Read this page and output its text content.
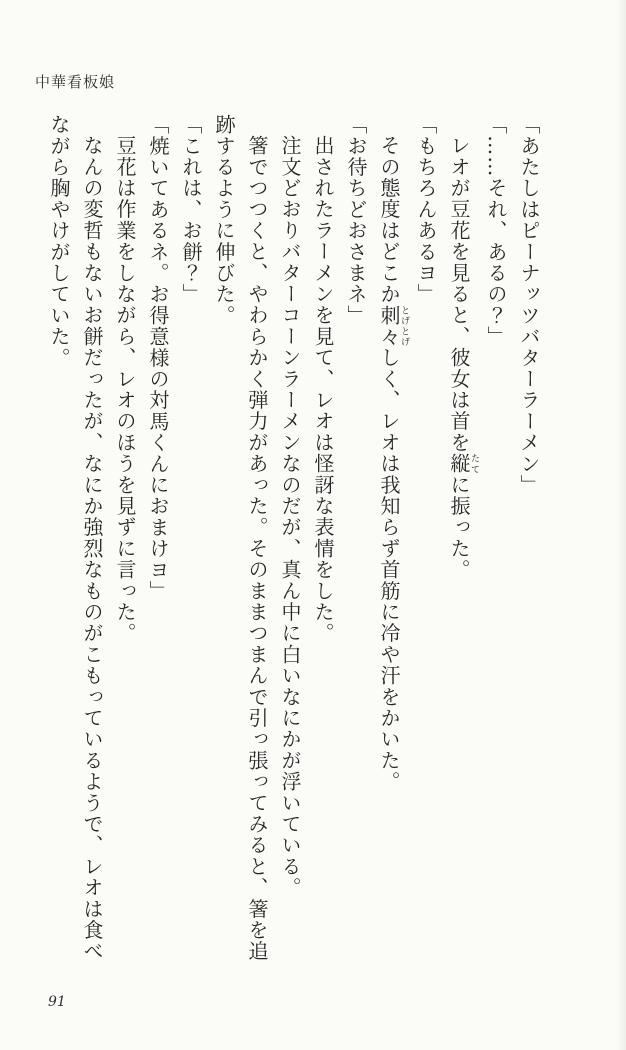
中華看板娘
「あたしはピーナッツバターラーメン」
「……それ、あるの？」
レオが豆花を見ると、彼女は首を縦たてに振った。
「もちろんあるヨ」
その態度はどこか刺々とげとげしく、レオは我知らず首筋に冷や汗をかいた。
「お待ちどおさまネ」
出されたラーメンを見て、レオは怪訝な表情をした。
注文どおりバターコーンラーメンなのだが、真ん中に白いなにかが浮いている。
箸でつつくと、やわらかく弾力があった。そのままつまんで引っ張ってみると、箸を追
跡するように伸びた。
「これは、お餅？」
「焼いてあるネ。お得意様の対馬くんにおまけヨ」
豆花は作業をしながら、レオのほうを見ずに言った。
なんの変哲もないお餅だったが、なにか強烈なものがこもっているようで、レオは食べ
ながら胸やけがしていた。
91
